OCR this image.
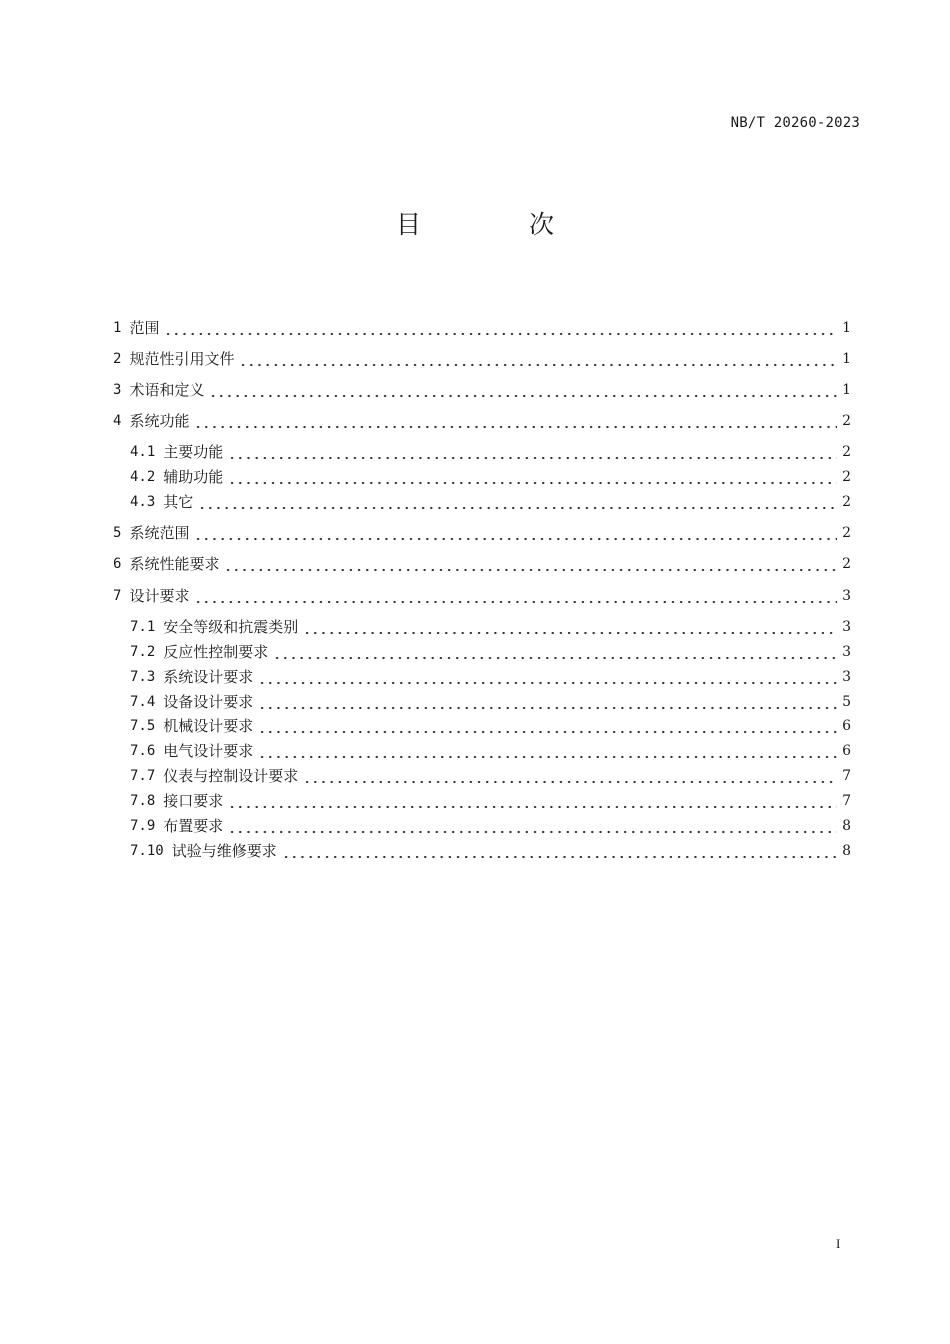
NB/T 20260-2023
目 次
1 范围	1
2 规范性引用文件	1
3 术语和定义	1
4 系统功能	2
4.1 主要功能	2
4.2 辅助功能	2
4.3 其它	2
5 系统范围	2
6 系统性能要求	2
7 设计要求	3
7.1 安全等级和抗震类别	3
7.2 反应性控制要求	3
7.3 系统设计要求	3
7.4 设备设计要求	5
7.5 机械设计要求	6
7.6 电气设计要求	6
7.7 仪表与控制设计要求	7
7.8 接口要求	7
7.9 布置要求	8
7.10 试验与维修要求	8
I
